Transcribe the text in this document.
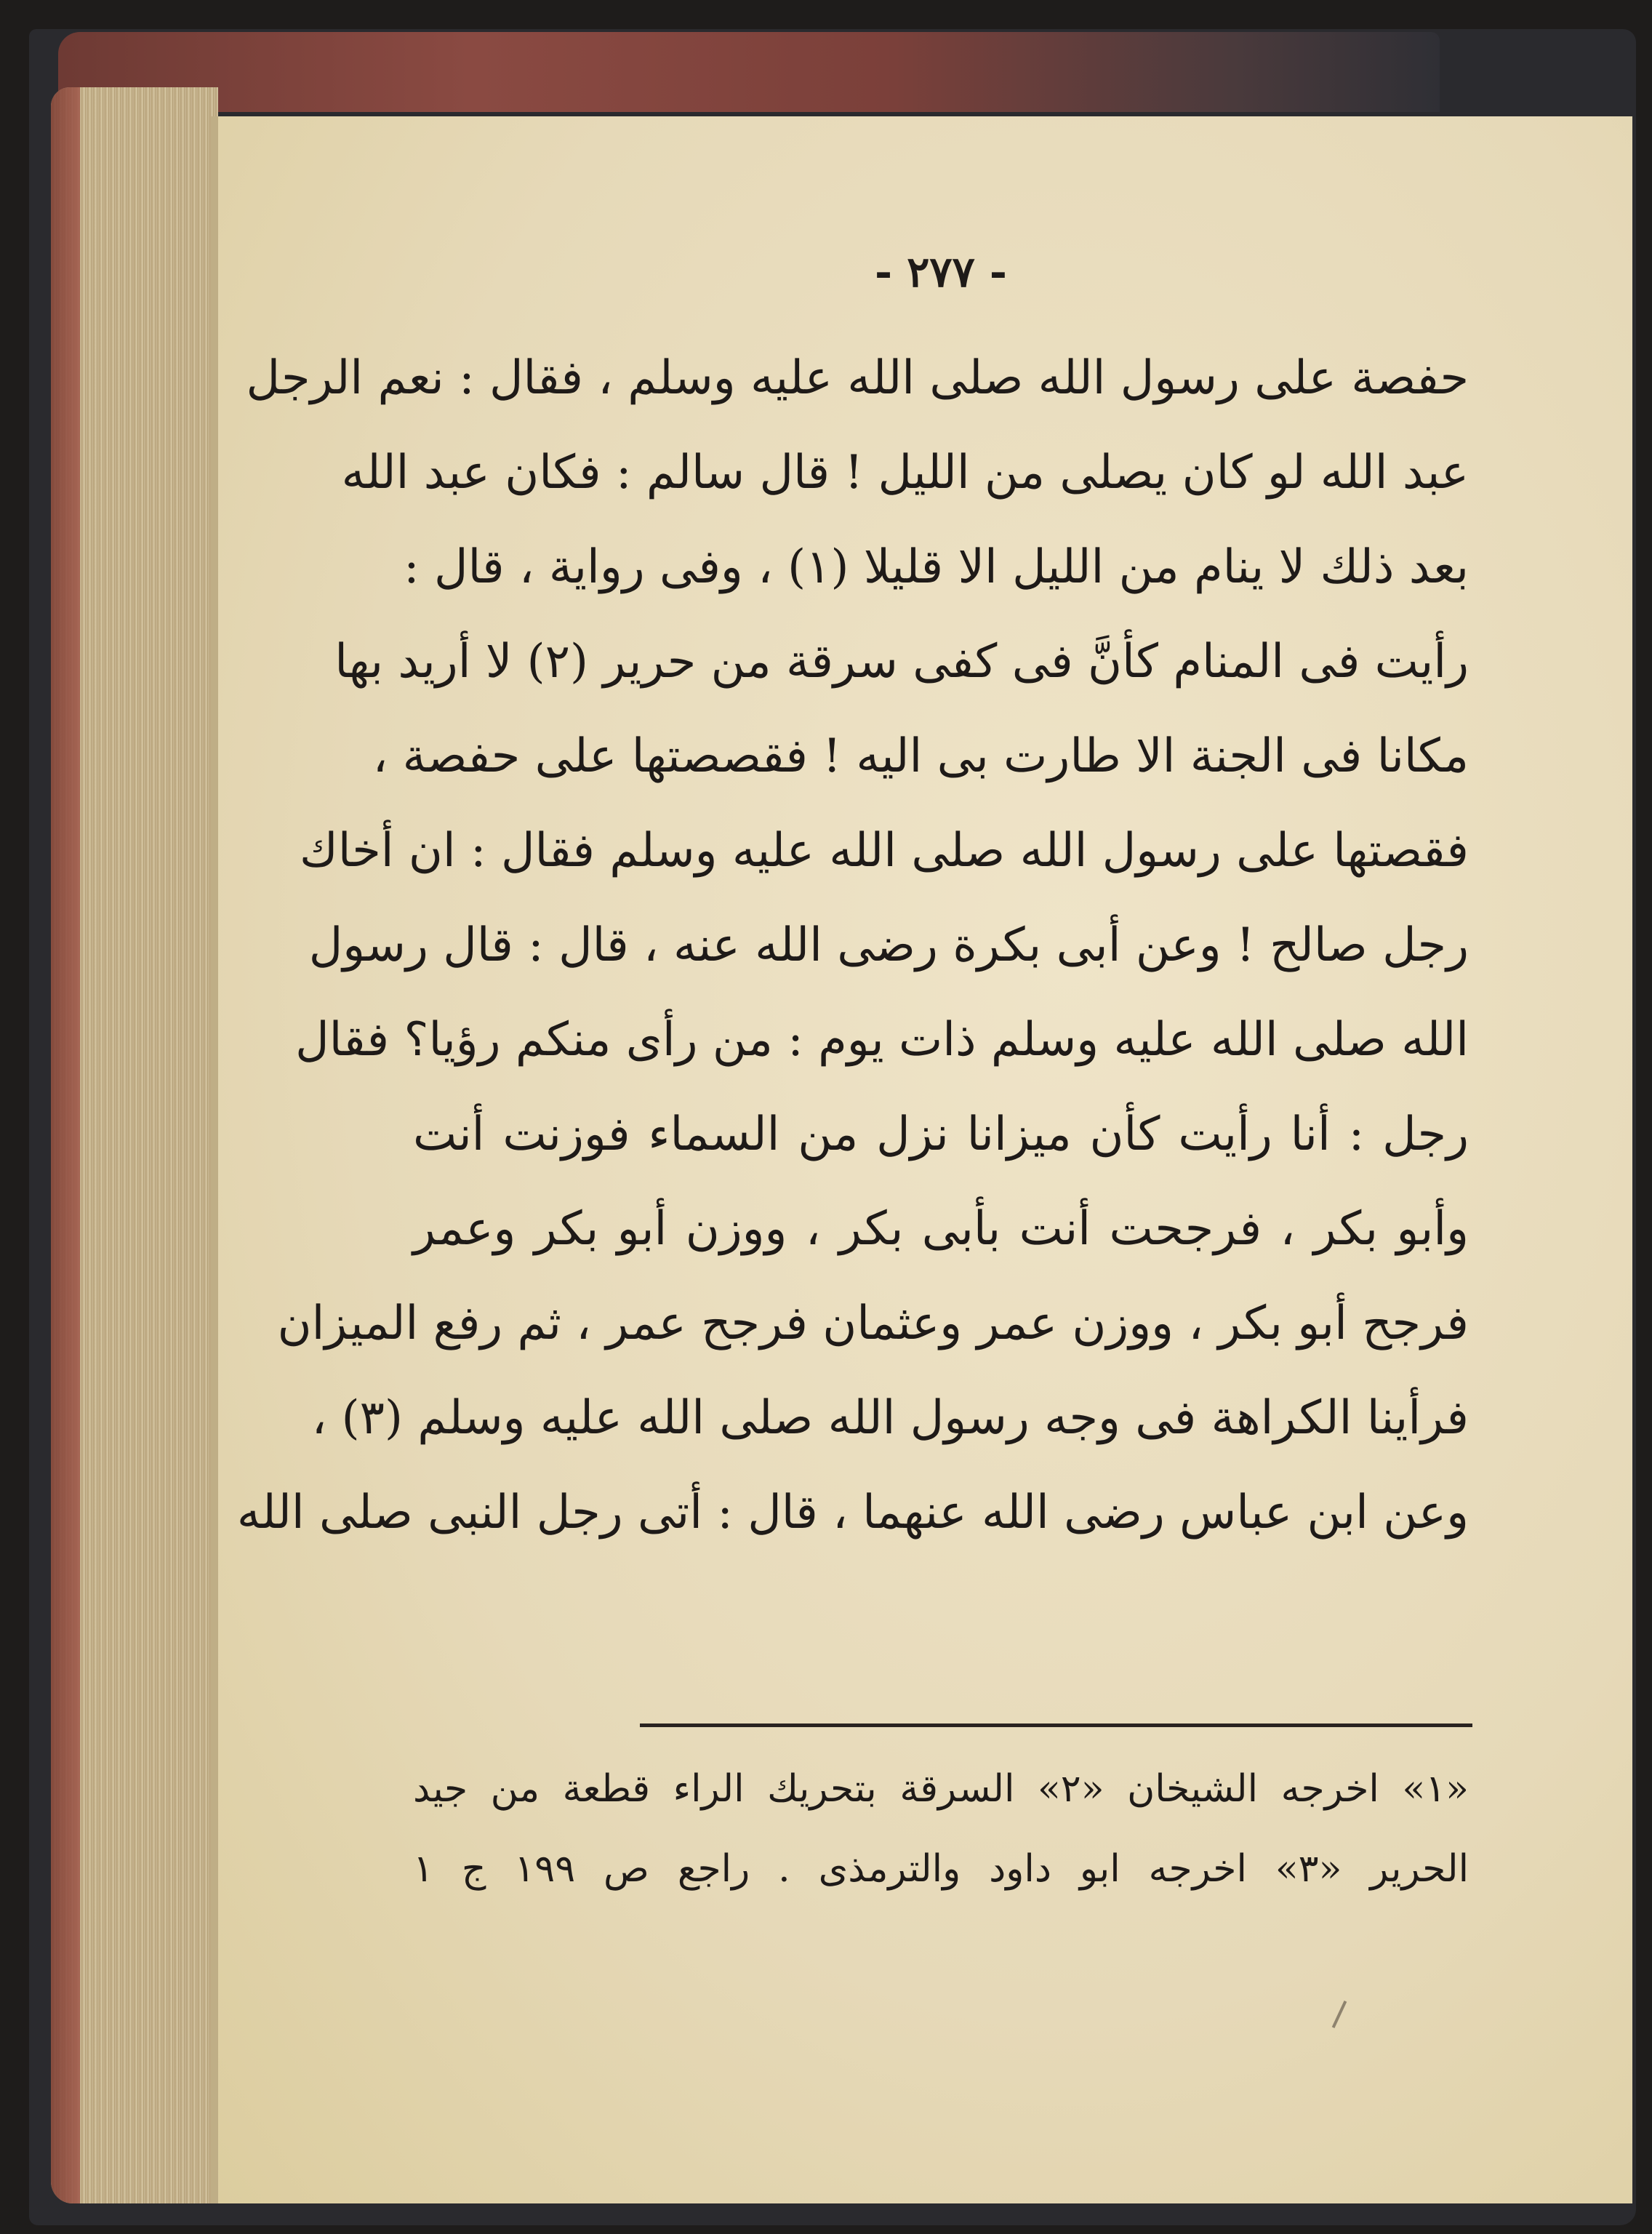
- ٢٧٧ -
حفصة على رسول الله صلى الله عليه وسلم ، فقال : نعم الرجل
عبد الله لو كان يصلى من الليل ! قال سالم : فكان عبد الله
بعد ذلك لا ينام من الليل الا قليلا (١) ، وفى رواية ، قال :
رأيت فى المنام كأنَّ فى كفى سرقة من حرير (٢) لا أريد بها
مكانا فى الجنة الا طارت بى اليه ! فقصصتها على حفصة ،
فقصتها على رسول الله صلى الله عليه وسلم فقال : ان أخاك
رجل صالح ! وعن أبى بكرة رضى الله عنه ، قال : قال رسول
الله صلى الله عليه وسلم ذات يوم : من رأى منكم رؤيا؟ فقال
رجل : أنا رأيت كأن ميزانا نزل من السماء فوزنت أنت
وأبو بكر ، فرجحت أنت بأبى بكر ، ووزن أبو بكر وعمر
فرجح أبو بكر ، ووزن عمر وعثمان فرجح عمر ، ثم رفع الميزان
فرأينا الكراهة فى وجه رسول الله صلى الله عليه وسلم (٣) ،
وعن ابن عباس رضى الله عنهما ، قال : أتى رجل النبى صلى الله
«١» اخرجه الشيخان «٢» السرقة بتحريك الراء قطعة من جيد
الحرير «٣» اخرجه ابو داود والترمذى . راجع ص ١٩٩ ج ١
